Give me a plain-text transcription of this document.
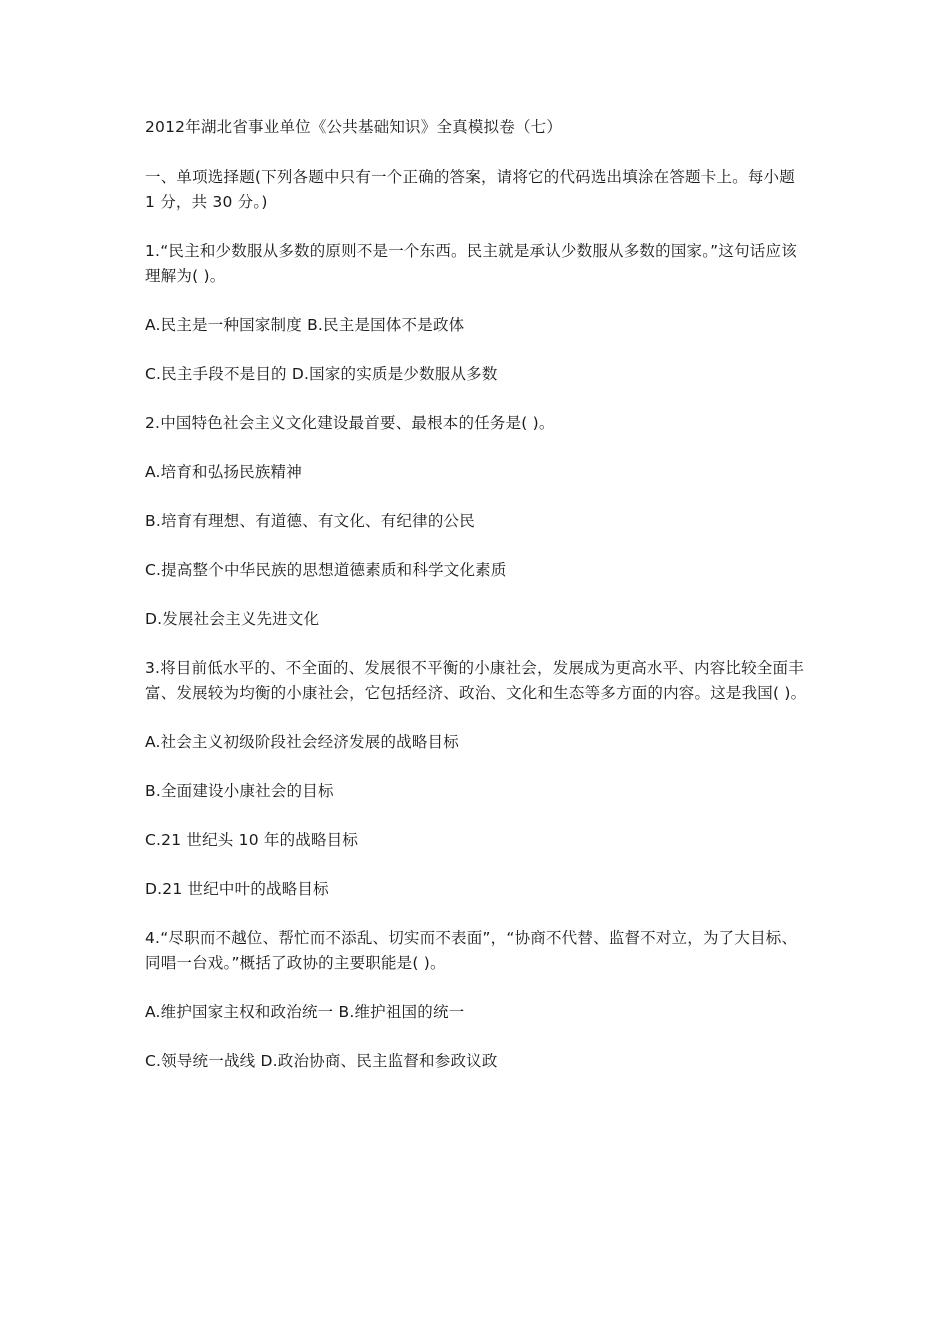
2012年湖北省事业单位《公共基础知识》全真模拟卷（七）

一、单项选择题(下列各题中只有一个正确的答案，请将它的代码选出填涂在答题卡上。每小题 1 分，共 30 分。)

1.“民主和少数服从多数的原则不是一个东西。民主就是承认少数服从多数的国家。”这句话应该理解为( )。

A.民主是一种国家制度 B.民主是国体不是政体

C.民主手段不是目的 D.国家的实质是少数服从多数

2.中国特色社会主义文化建设最首要、最根本的任务是( )。

A.培育和弘扬民族精神

B.培育有理想、有道德、有文化、有纪律的公民

C.提高整个中华民族的思想道德素质和科学文化素质

D.发展社会主义先进文化

3.将目前低水平的、不全面的、发展很不平衡的小康社会，发展成为更高水平、内容比较全面丰富、发展较为均衡的小康社会，它包括经济、政治、文化和生态等多方面的内容。这是我国( )。

A.社会主义初级阶段社会经济发展的战略目标

B.全面建设小康社会的目标

C.21 世纪头 10 年的战略目标

D.21 世纪中叶的战略目标

4.“尽职而不越位、帮忙而不添乱、切实而不表面”，“协商不代替、监督不对立，为了大目标、同唱一台戏。”概括了政协的主要职能是( )。

A.维护国家主权和政治统一 B.维护祖国的统一

C.领导统一战线 D.政治协商、民主监督和参政议政
